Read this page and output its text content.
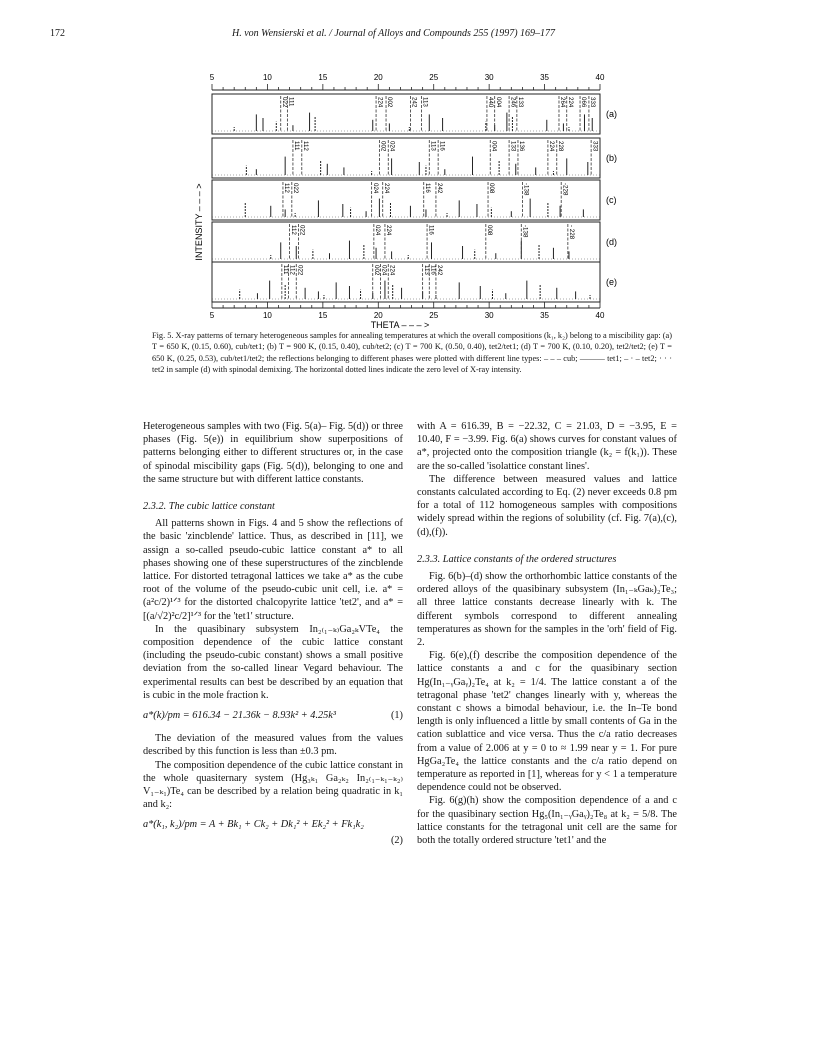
172	H. von Wensierski et al. / Journal of Alloys and Compounds 255 (1997) 169–177
5	10	15	20	25	30	35	40
022 111	224 002	242 113	440 004 246 133	264 224 066 333
(a)
111 112	002 024	113 116	004 133 136	224 228	333
(b)
112 022	024 224	116 242	008	-138	-228
(c)
112 022	024 224	116	008	-138	- 228
(d)
111 112 022	002 024 224	113 116 242
(e)
5	10	15	20	25	30	35	40
INTENSITY – – – >
THETA – – – >
Fig. 5. X-ray patterns of ternary heterogeneous samples for annealing temperatures at which the overall compositions (k₁, k₂) belong to a miscibility gap: (a) T = 650 K, (0.15, 0.60), cub/tet1; (b) T = 900 K, (0.15, 0.40), cub/tet2; (c) T = 700 K, (0.50, 0.40), tet2/tet1; (d) T = 700 K, (0.10, 0.20), tet2/tet2; (e) T = 650 K, (0.25, 0.53), cub/tet1/tet2; the reflections belonging to different phases were plotted with different line types: – – – cub; ——— tet1; – · – tet2; · · · tet2 in sample (d) with spinodal demixing. The horizontal dotted lines indicate the zero level of X-ray intensity.

Heterogeneous samples with two (Fig. 5(a)– Fig. 5(d)) or three phases (Fig. 5(e)) in equilibrium show superpositions of patterns belonging either to different structures or, in the case of spinodal miscibility gaps (Fig. 5(d)), belonging to one and the same structure but with different lattice constants.

2.3.2. The cubic lattice constant

All patterns shown in Figs. 4 and 5 show the reflections of the basic 'zincblende' lattice. Thus, as described in [11], we assign a so-called pseudo-cubic lattice constant a* to all phases showing one of these superstructures of the zincblende lattice. For distorted tetragonal lattices we take a* as the cube root of the volume of the pseudo-cubic unit cell, i.e. a* = (a²c/2)¹ᐟ³ for the distorted chalcopyrite lattice 'tet2', and a* = [(a/√2)²c/2]¹ᐟ³ for the 'tet1' structure.

In the quasibinary subsystem In₂₍₁₋ₖ₎Ga₂ₖVTe₄ the composition dependence of the cubic lattice constant (including the pseudo-cubic constant) shows a small positive deviation from the so-called linear Vegard behaviour. The experimental results can best be described by an equation that is cubic in the mole fraction k.

a*(k)/pm = 616.34 − 21.36k − 8.93k² + 4.25k³	(1)

The deviation of the measured values from the values described by this function is less than ±0.3 pm.

The composition dependence of the cubic lattice constant in the whole quasiternary system (Hg₃ₖ₁ Ga₂ₖ₂ In₂₍₁₋ₖ₁₋ₖ₂₎ V₁₋ₖ₁)Te₄ can be described by a relation being quadratic in k₁ and k₂:

a*(k₁, k₂)/pm = A + Bk₁ + Ck₂ + Dk₁² + Ek₂² + Fk₁k₂

(2)

with A = 616.39, B = −22.32, C = 21.03, D = −3.95, E = 10.40, F = −3.99. Fig. 6(a) shows curves for constant values of a*, projected onto the composition triangle (k₂ = f(k₁)). These are the so-called 'isolattice constant lines'.

The difference between measured values and lattice constants calculated according to Eq. (2) never exceeds 0.8 pm for a total of 112 homogeneous samples with compositions widely spread within the regions of solubility (cf. Fig. 7(a),(c),(d),(f)).

2.3.3. Lattice constants of the ordered structures

Fig. 6(b)–(d) show the orthorhombic lattice constants of the ordered alloys of the quasibinary subsystem (In₁₋ₖGaₖ)₂Te₃; all three lattice constants decrease linearly with k. The different symbols correspond to different annealing temperatures as shown for the samples in the 'orh' field of Fig. 2.

Fig. 6(e),(f) describe the composition dependence of the lattice constants a and c for the quasibinary section Hg(In₁₋ᵧGaᵧ)₂Te₄ at k₂ = 1/4. The lattice constant a of the tetragonal phase 'tet2' changes linearly with y, whereas the constant c shows a bimodal behaviour, i.e. the In–Te bond length is only influenced a little by small contents of Ga in the cation sublattice and vice versa. Thus the c/a ratio decreases from a value of 2.006 at y = 0 to ≈ 1.99 near y = 1. For pure HgGa₂Te₄ the lattice constants and the c/a ratio depend on temperature as reported in [1], whereas for y < 1 a temperature dependence could not be observed.

Fig. 6(g)(h) show the composition dependence of a and c for the quasibinary section Hg₅(In₁₋ᵧGaᵧ)₂Te₈ at k₂ = 5/8. The lattice constants for the tetragonal unit cell are the same for both the totally ordered structure 'tet1' and the
